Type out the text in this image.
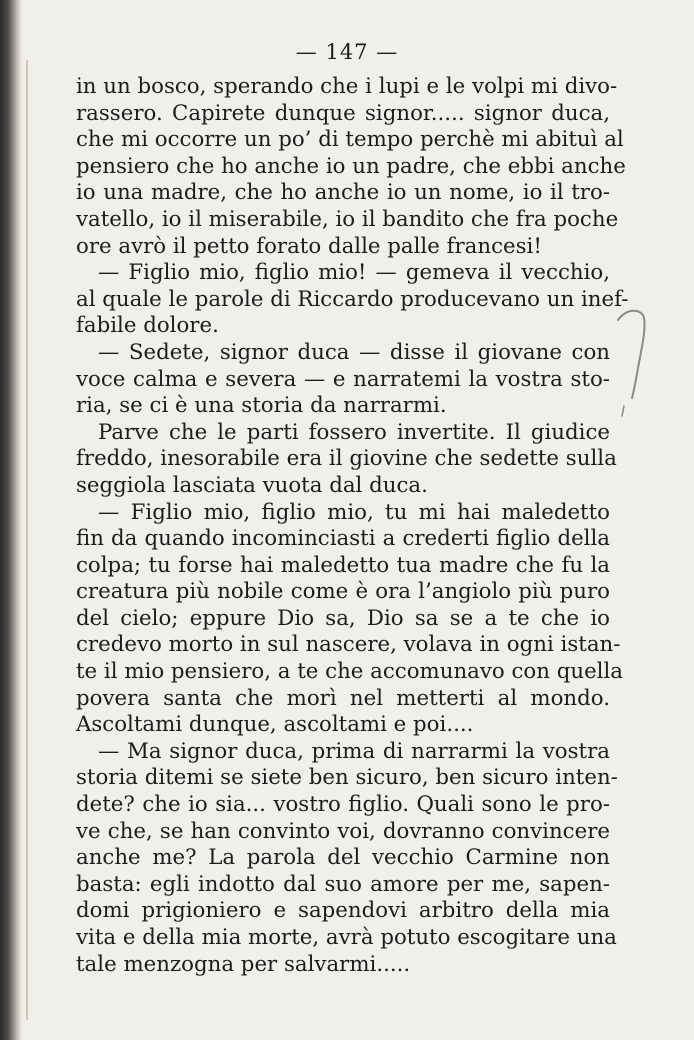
— 147 —
in un bosco, sperando che i lupi e le volpi mi divo-
rassero. Capirete dunque signor..... signor duca,
che mi occorre un po’ di tempo perchè mi abituì al
pensiero che ho anche io un padre, che ebbi anche
io una madre, che ho anche io un nome, io il tro-
vatello, io il miserabile, io il bandito che fra poche
ore avrò il petto forato dalle palle francesi!
— Figlio mio, figlio mio! — gemeva il vecchio,
al quale le parole di Riccardo producevano un inef-
fabile dolore.
— Sedete, signor duca — disse il giovane con
voce calma e severa — e narratemi la vostra sto-
ria, se ci è una storia da narrarmi.
Parve che le parti fossero invertite. Il giudice
freddo, inesorabile era il giovine che sedette sulla
seggiola lasciata vuota dal duca.
— Figlio mio, figlio mio, tu mi hai maledetto
fin da quando incominciasti a crederti figlio della
colpa; tu forse hai maledetto tua madre che fu la
creatura più nobile come è ora l’angiolo più puro
del cielo; eppure Dio sa, Dio sa se a te che io
credevo morto in sul nascere, volava in ogni istan-
te il mio pensiero, a te che accomunavo con quella
povera santa che morì nel metterti al mondo.
Ascoltami dunque, ascoltami e poi....
— Ma signor duca, prima di narrarmi la vostra
storia ditemi se siete ben sicuro, ben sicuro inten-
dete? che io sia... vostro figlio. Quali sono le pro-
ve che, se han convinto voi, dovranno convincere
anche me? La parola del vecchio Carmine non
basta: egli indotto dal suo amore per me, sapen-
domi prigioniero e sapendovi arbitro della mia
vita e della mia morte, avrà potuto escogitare una
tale menzogna per salvarmi.....
